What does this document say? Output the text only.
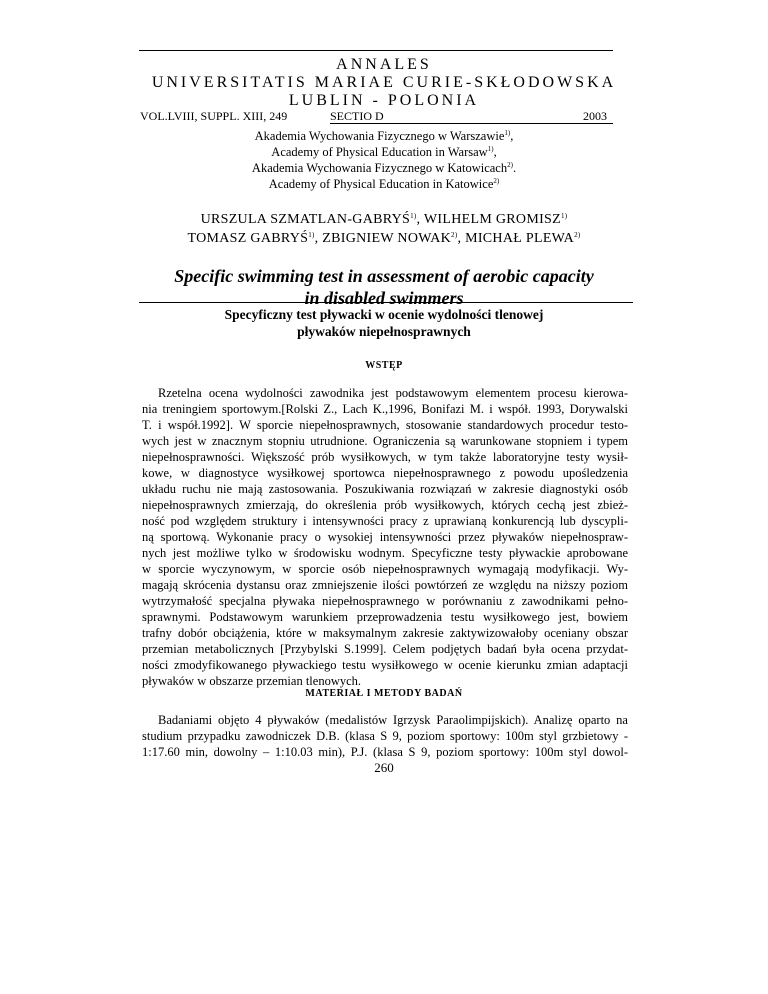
ANNALES
UNIVERSITATIS MARIAE CURIE-SKŁODOWSKA
LUBLIN - POLONIA
VOL.LVIII, SUPPL. XIII, 249	SECTIO D	2003
Akademia Wychowania Fizycznego w Warszawie$^{1)}$,
Academy of Physical Education in Warsaw$^{1)}$,
Akademia Wychowania Fizycznego w Katowicach$^{2)}$.
Academy of Physical Education in Katowice$^{2)}$
URSZULA SZMATLAN-GABRYŚ$^{1)}$, WILHELM GROMISZ$^{1)}$
TOMASZ GABRYŚ$^{1)}$, ZBIGNIEW NOWAK$^{2)}$, MICHAŁ PLEWA$^{2)}$
Specific swimming test in assessment of aerobic capacity
in disabled swimmers
Specyficzny test pływacki w ocenie wydolności tlenowej
pływaków niepełnosprawnych
WSTĘP
Rzetelna ocena wydolności zawodnika jest podstawowym elementem procesu kierowa-
nia treningiem sportowym.[Rolski Z., Lach K.,1996, Bonifazi M. i współ. 1993, Dorywalski
T. i współ.1992]. W sporcie niepełnosprawnych, stosowanie standardowych procedur testo-
wych jest w znacznym stopniu utrudnione. Ograniczenia są warunkowane stopniem i typem
niepełnosprawności. Większość prób wysiłkowych, w tym także laboratoryjne testy wysił-
kowe, w diagnostyce wysiłkowej sportowca niepełnosprawnego z powodu upośledzenia
układu ruchu nie mają zastosowania. Poszukiwania rozwiązań w zakresie diagnostyki osób
niepełnosprawnych zmierzają, do określenia prób wysiłkowych, których cechą jest zbież-
ność pod względem struktury i intensywności pracy z uprawianą konkurencją lub dyscypli-
ną sportową. Wykonanie pracy o wysokiej intensywności przez pływaków niepełnospraw-
nych jest możliwe tylko w środowisku wodnym. Specyficzne testy pływackie aprobowane
w sporcie wyczynowym, w sporcie osób niepełnosprawnych wymagają modyfikacji. Wy-
magają skrócenia dystansu oraz zmniejszenie ilości powtórzeń ze względu na niższy poziom
wytrzymałość specjalna pływaka niepełnosprawnego w porównaniu z zawodnikami pełno-
sprawnymi. Podstawowym warunkiem przeprowadzenia testu wysiłkowego jest, bowiem
trafny dobór obciążenia, które w maksymalnym zakresie zaktywizowałoby oceniany obszar
przemian metabolicznych [Przybylski S.1999]. Celem podjętych badań była ocena przydat-
ności zmodyfikowanego pływackiego testu wysiłkowego w ocenie kierunku zmian adaptacji
pływaków w obszarze przemian tlenowych.
MATERIAŁ I METODY BADAŃ
Badaniami objęto 4 pływaków (medalistów Igrzysk Paraolimpijskich). Analizę oparto na
studium przypadku zawodniczek D.B. (klasa S 9, poziom sportowy: 100m styl grzbietowy -
1:17.60 min, dowolny – 1:10.03 min), P.J. (klasa S 9, poziom sportowy: 100m styl dowol-
260
